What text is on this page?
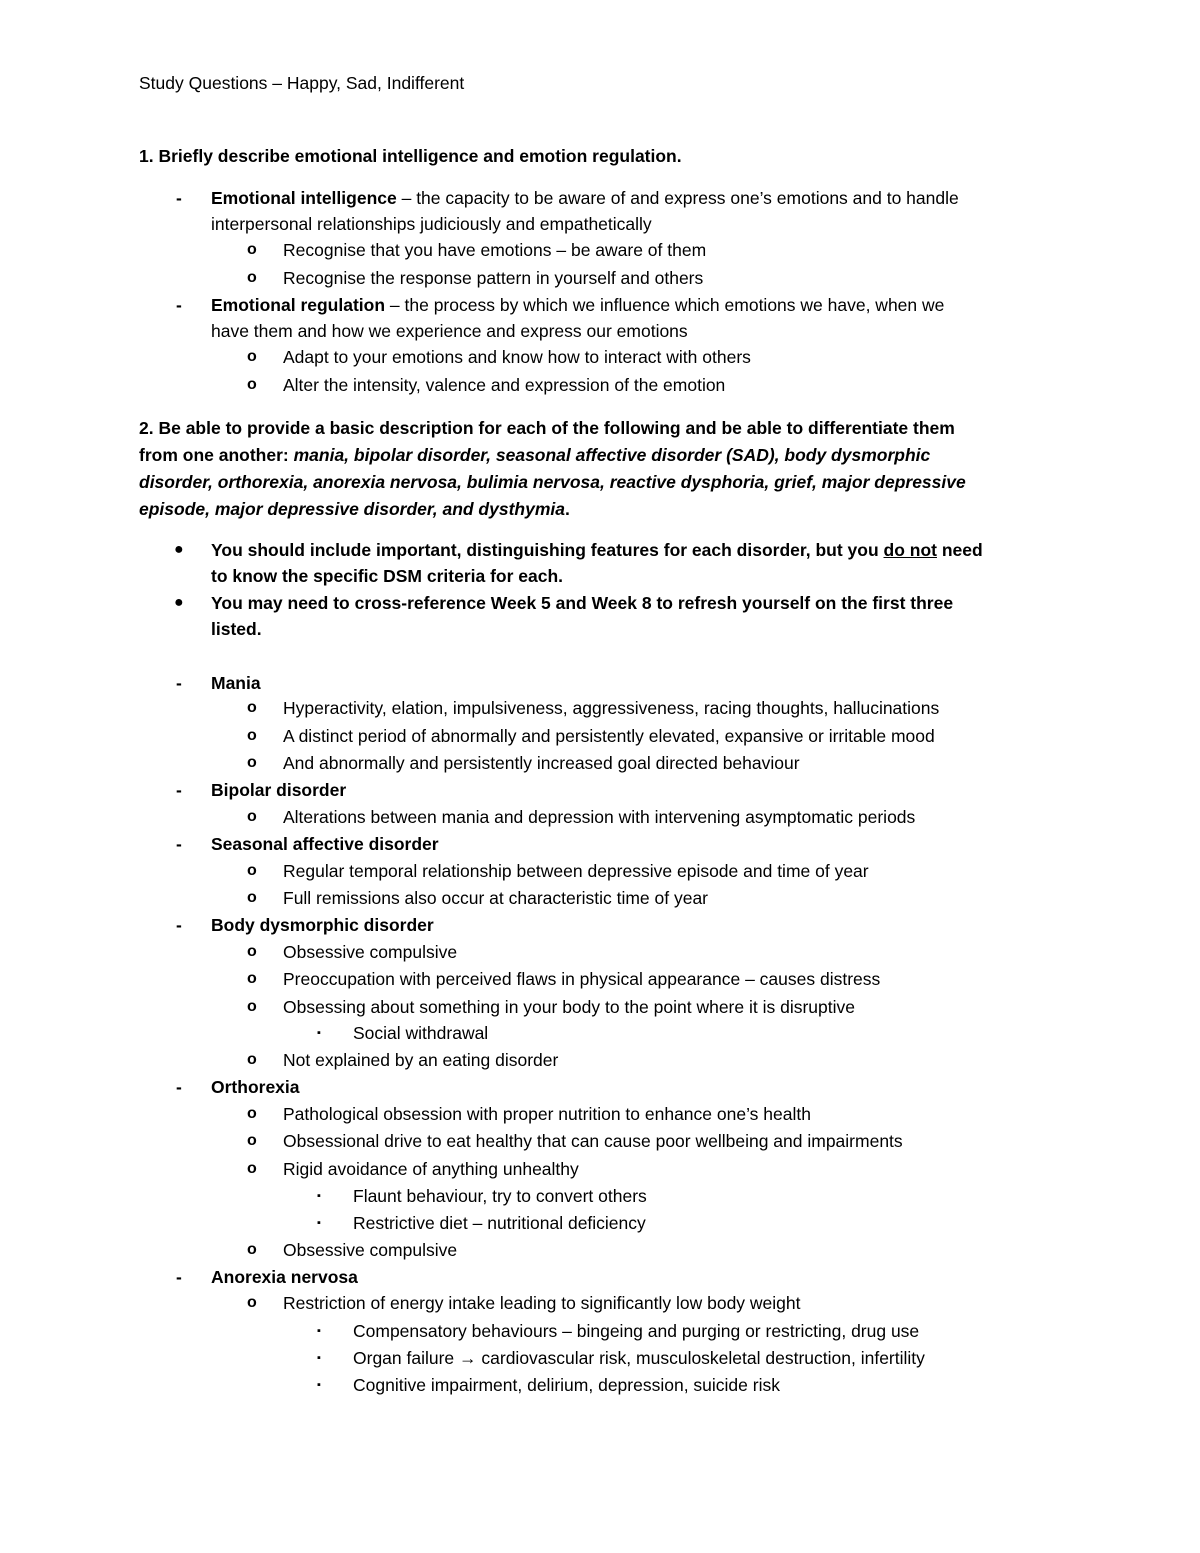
Study Questions – Happy, Sad, Indifferent
1. Briefly describe emotional intelligence and emotion regulation.
- Emotional intelligence – the capacity to be aware of and express one’s emotions and to handle
interpersonal relationships judiciously and empathetically
o Recognise that you have emotions – be aware of them
o Recognise the response pattern in yourself and others
- Emotional regulation – the process by which we influence which emotions we have, when we
have them and how we experience and express our emotions
o Adapt to your emotions and know how to interact with others
o Alter the intensity, valence and expression of the emotion
2. Be able to provide a basic description for each of the following and be able to differentiate them
from one another: mania, bipolar disorder, seasonal affective disorder (SAD), body dysmorphic
disorder, orthorexia, anorexia nervosa, bulimia nervosa, reactive dysphoria, grief, major depressive
episode, major depressive disorder, and dysthymia.
● You should include important, distinguishing features for each disorder, but you do not need
to know the specific DSM criteria for each.
● You may need to cross-reference Week 5 and Week 8 to refresh yourself on the first three
listed.
- Mania
o Hyperactivity, elation, impulsiveness, aggressiveness, racing thoughts, hallucinations
o A distinct period of abnormally and persistently elevated, expansive or irritable mood
o And abnormally and persistently increased goal directed behaviour
- Bipolar disorder
o Alterations between mania and depression with intervening asymptomatic periods
- Seasonal affective disorder
o Regular temporal relationship between depressive episode and time of year
o Full remissions also occur at characteristic time of year
- Body dysmorphic disorder
o Obsessive compulsive
o Preoccupation with perceived flaws in physical appearance – causes distress
o Obsessing about something in your body to the point where it is disruptive
▪ Social withdrawal
o Not explained by an eating disorder
- Orthorexia
o Pathological obsession with proper nutrition to enhance one’s health
o Obsessional drive to eat healthy that can cause poor wellbeing and impairments
o Rigid avoidance of anything unhealthy
▪ Flaunt behaviour, try to convert others
▪ Restrictive diet – nutritional deficiency
o Obsessive compulsive
- Anorexia nervosa
o Restriction of energy intake leading to significantly low body weight
▪ Compensatory behaviours – bingeing and purging or restricting, drug use
▪ Organ failure → cardiovascular risk, musculoskeletal destruction, infertility
▪ Cognitive impairment, delirium, depression, suicide risk
